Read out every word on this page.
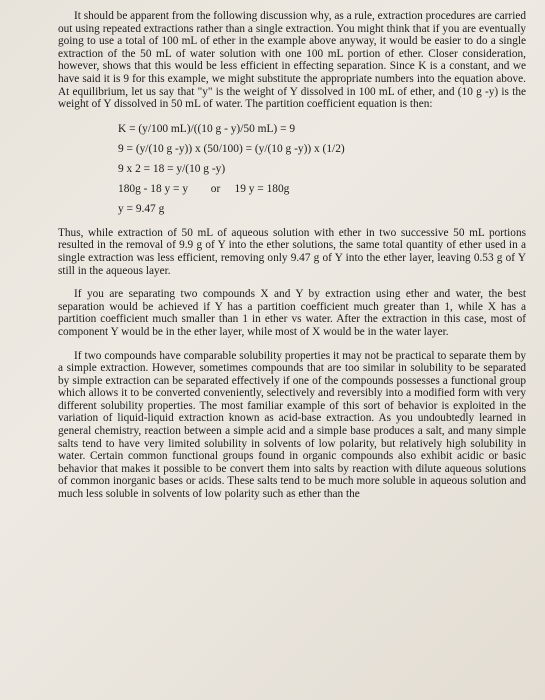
It should be apparent from the following discussion why, as a rule, extraction procedures are carried out using repeated extractions rather than a single extraction. You might think that if you are eventually going to use a total of 100 mL of ether in the example above anyway, it would be easier to do a single extraction of the 50 mL of water solution with one 100 mL portion of ether. Closer consideration, however, shows that this would be less efficient in effecting separation. Since K is a constant, and we have said it is 9 for this example, we might substitute the appropriate numbers into the equation above. At equilibrium, let us say that "y" is the weight of Y dissolved in 100 mL of ether, and (10 g -y) is the weight of Y dissolved in 50 mL of water. The partition coefficient equation is then:

K = (y/100 mL)/((10 g - y)/50 mL) = 9
9 = (y/(10 g -y)) x (50/100) = (y/(10 g -y)) x (1/2)
9 x 2 = 18 = y/(10 g -y)
180g - 18 y = y        or     19 y = 180g
y = 9.47 g

Thus, while extraction of 50 mL of aqueous solution with ether in two successive 50 mL portions resulted in the removal of 9.9 g of Y into the ether solutions, the same total quantity of ether used in a single extraction was less efficient, removing only 9.47 g of Y into the ether layer, leaving 0.53 g of Y still in the aqueous layer.

If you are separating two compounds X and Y by extraction using ether and water, the best separation would be achieved if Y has a partition coefficient much greater than 1, while X has a partition coefficient much smaller than 1 in ether vs water. After the extraction in this case, most of component Y would be in the ether layer, while most of X would be in the water layer.

If two compounds have comparable solubility properties it may not be practical to separate them by a simple extraction. However, sometimes compounds that are too similar in solubility to be separated by simple extraction can be separated effectively if one of the compounds possesses a functional group which allows it to be converted conveniently, selectively and reversibly into a modified form with very different solubility properties. The most familiar example of this sort of behavior is exploited in the variation of liquid-liquid extraction known as acid-base extraction. As you undoubtedly learned in general chemistry, reaction between a simple acid and a simple base produces a salt, and many simple salts tend to have very limited solubility in solvents of low polarity, but relatively high solubility in water. Certain common functional groups found in organic compounds also exhibit acidic or basic behavior that makes it possible to be convert them into salts by reaction with dilute aqueous solutions of common inorganic bases or acids. These salts tend to be much more soluble in aqueous solution and much less soluble in solvents of low polarity such as ether than the
